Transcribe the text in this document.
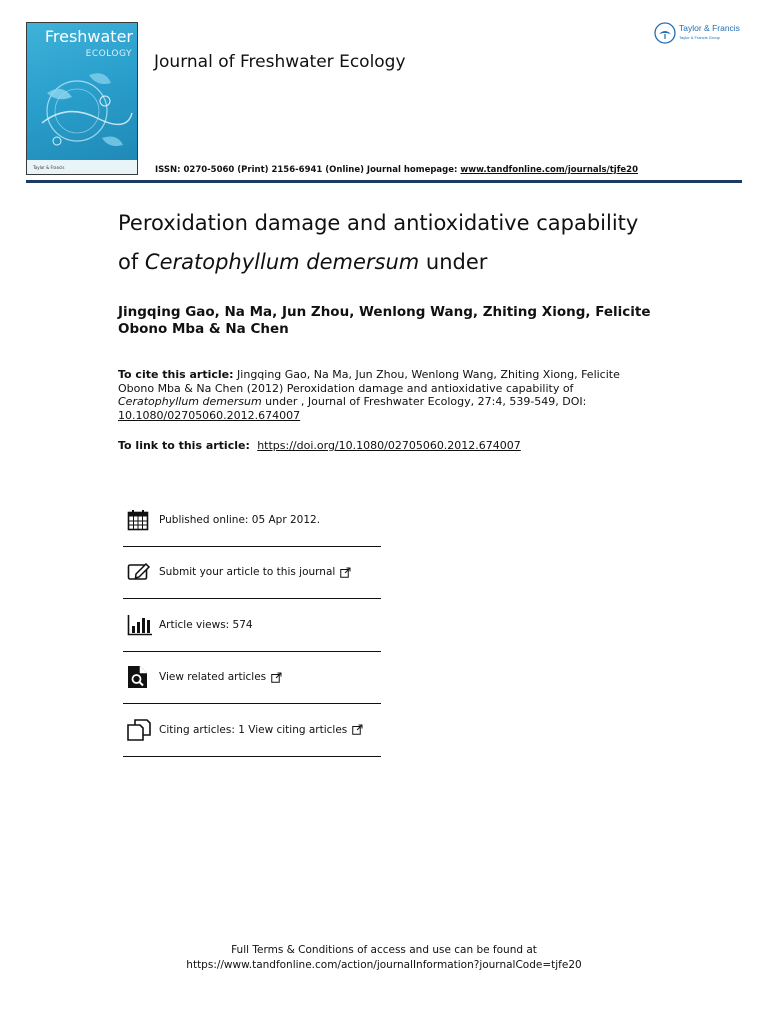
Freshwater
ECOLOGY
Taylor & Francis
Journal of Freshwater Ecology
Taylor & Francis
Taylor & Francis Group
ISSN: 0270-5060 (Print) 2156-6941 (Online) Journal homepage: www.tandfonline.com/journals/tjfe20
Peroxidation damage and antioxidative capability
of Ceratophyllum demersum under
Jingqing Gao, Na Ma, Jun Zhou, Wenlong Wang, Zhiting Xiong, Felicite Obono Mba & Na Chen
To cite this article: Jingqing Gao, Na Ma, Jun Zhou, Wenlong Wang, Zhiting Xiong, Felicite Obono Mba & Na Chen (2012) Peroxidation damage and antioxidative capability of Ceratophyllum demersum under , Journal of Freshwater Ecology, 27:4, 539-549, DOI: 10.1080/02705060.2012.674007
To link to this article:  https://doi.org/10.1080/02705060.2012.674007
Published online: 05 Apr 2012.
Submit your article to this journal
Article views: 574
View related articles
Citing articles: 1 View citing articles
Full Terms & Conditions of access and use can be found at
https://www.tandfonline.com/action/journalInformation?journalCode=tjfe20
